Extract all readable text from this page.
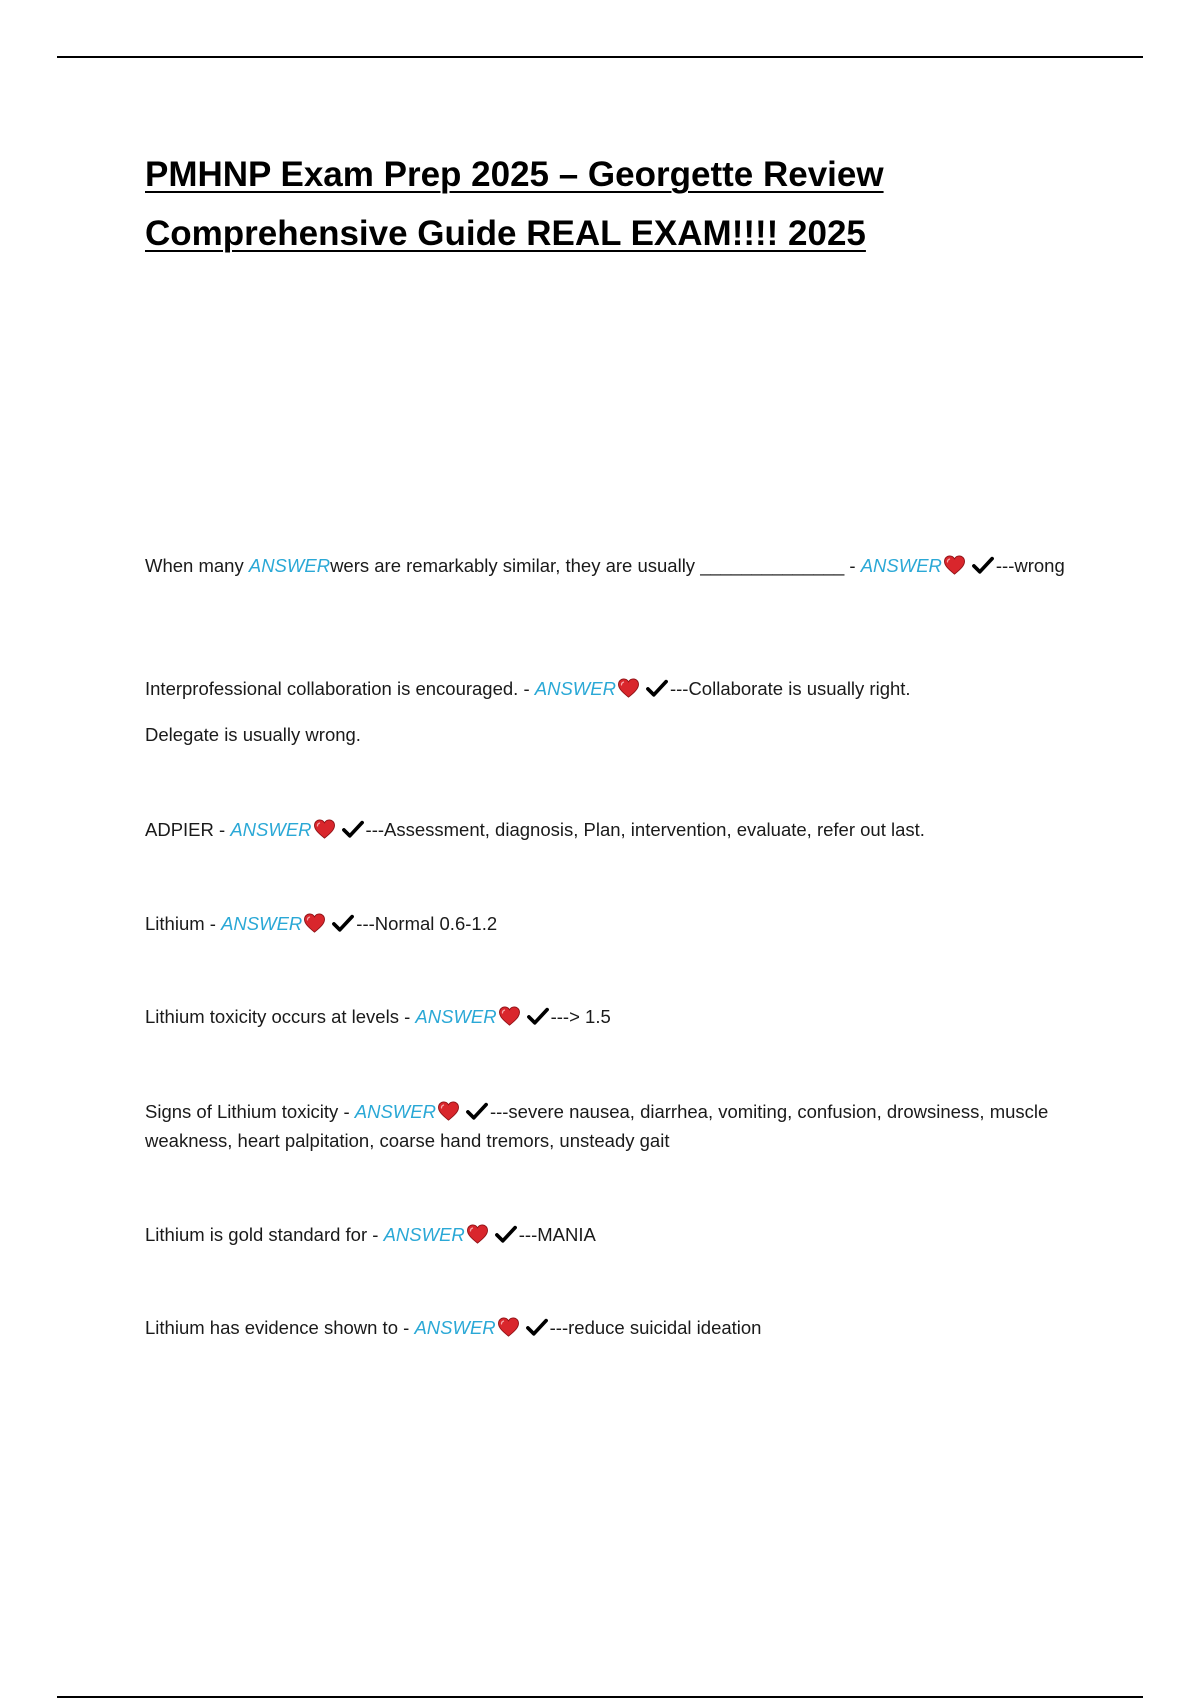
PMHNP Exam Prep 2025 – Georgette Review
Comprehensive Guide REAL EXAM!!!! 2025

When many ANSWERwers are remarkably similar, they are usually ______________ - ANSWER	---wrong

Interprofessional collaboration is encouraged. - ANSWER	---Collaborate is usually right.

Delegate is usually wrong.

ADPIER - ANSWER	---Assessment, diagnosis, Plan, intervention, evaluate, refer out last.

Lithium - ANSWER	---Normal 0.6-1.2

Lithium toxicity occurs at levels - ANSWER	---> 1.5

Signs of Lithium toxicity - ANSWER	---severe nausea, diarrhea, vomiting, confusion, drowsiness, muscle weakness, heart palpitation, coarse hand tremors, unsteady gait

Lithium is gold standard for - ANSWER	---MANIA

Lithium has evidence shown to - ANSWER	---reduce suicidal ideation
